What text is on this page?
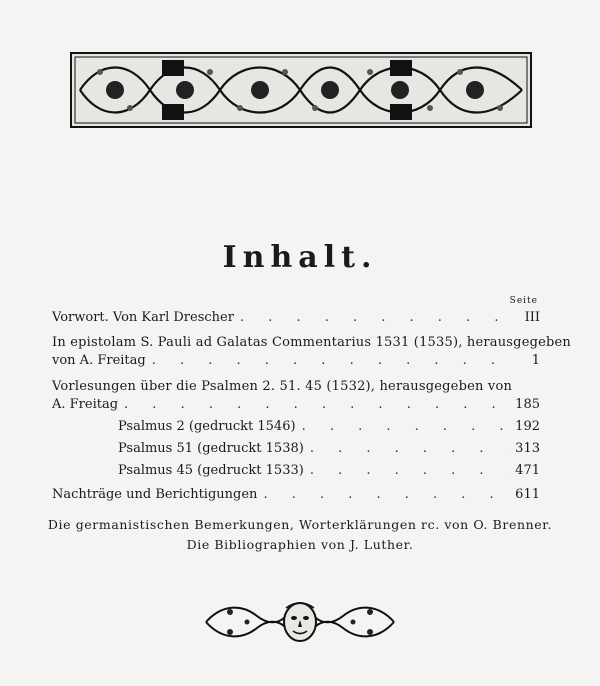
Inhalt.
Seite
Vorwort. Von Karl Drescher . . .	III
In epistolam S. Pauli ad Galatas Commentarius 1531 (1535), herausgegeben
von A. Freitag . . .	1
Vorlesungen über die Psalmen 2. 51. 45 (1532), herausgegeben von
A. Freitag . . .	185
Psalmus 2 (gedruckt 1546) . . .	192
Psalmus 51 (gedruckt 1538) . . .	313
Psalmus 45 (gedruckt 1533) . . .	471
Nachträge und Berichtigungen . . .	611
Die germanistischen Bemerkungen, Worterklärungen rc. von O. Brenner.
Die Bibliographien von J. Luther.
